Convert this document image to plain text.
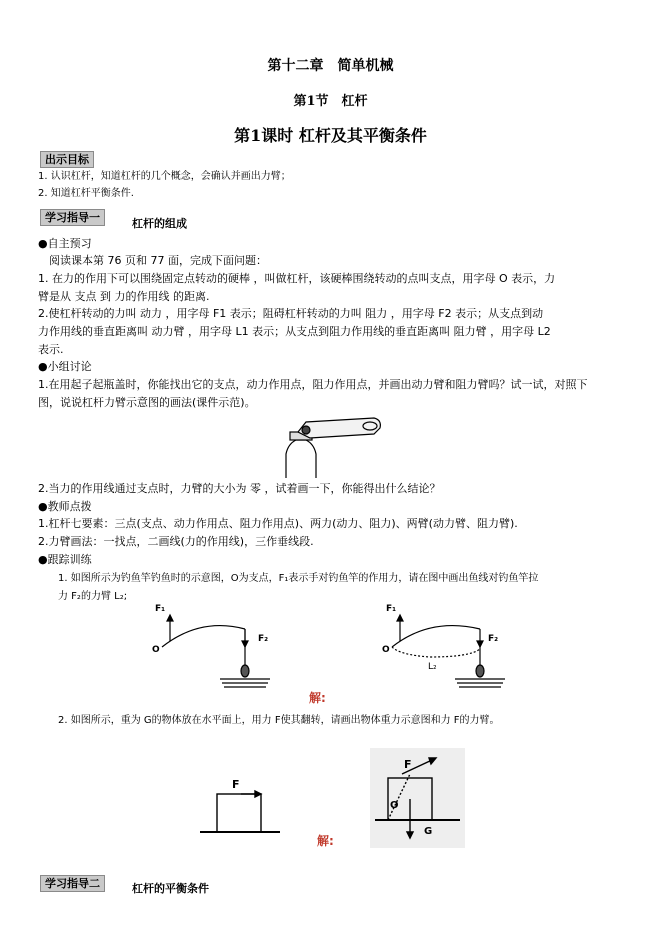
第十二章　简单机械
第1节　杠杆
第1课时 杠杆及其平衡条件
出示目标
1. 认识杠杆，知道杠杆的几个概念，会确认并画出力臂；
2. 知道杠杆平衡条件.
学习指导一	杠杆的组成
●自主预习
　阅读课本第 76 页和 77 面，完成下面问题：
1. 在力的作用下可以围绕固定点转动的硬棒 ，叫做杠杆，该硬棒围绕转动的点叫支点，用字母 O 表示，力
臂是从 支点 到 力的作用线 的距离.
2.使杠杆转动的力叫 动力 ，用字母 F1 表示；阻碍杠杆转动的力叫 阻力 ，用字母 F2 表示；从支点到动
力作用线的垂直距离叫 动力臂 ，用字母 L1 表示；从支点到阻力作用线的垂直距离叫 阻力臂 ，用字母 L2
表示.
●小组讨论
1.在用起子起瓶盖时，你能找出它的支点，动力作用点，阻力作用点，并画出动力臂和阻力臂吗？试一试，对照下
图，说说杠杆力臂示意图的画法(课件示范)。
2.当力的作用线通过支点时，力臂的大小为 零 ，试着画一下，你能得出什么结论？
●教师点拨
1.杠杆七要素：三点(支点、动力作用点、阻力作用点)、两力(动力、阻力)、两臂(动力臂、阻力臂).
2.力臂画法：一找点，二画线(力的作用线)，三作垂线段.
●跟踪训练
1. 如图所示为钓鱼竿钓鱼时的示意图，O为支点，F₁表示手对钓鱼竿的作用力，请在图中画出鱼线对钓鱼竿拉
力 F₂的力臂 L₂;
F₁
F₂
O
F₁
F₂
O
L₂
解:
2. 如图所示，重为 G的物体放在水平面上，用力 F使其翻转，请画出物体重力示意图和力 F的力臂。
F
F
O
G
解:
学习指导二	杠杆的平衡条件
